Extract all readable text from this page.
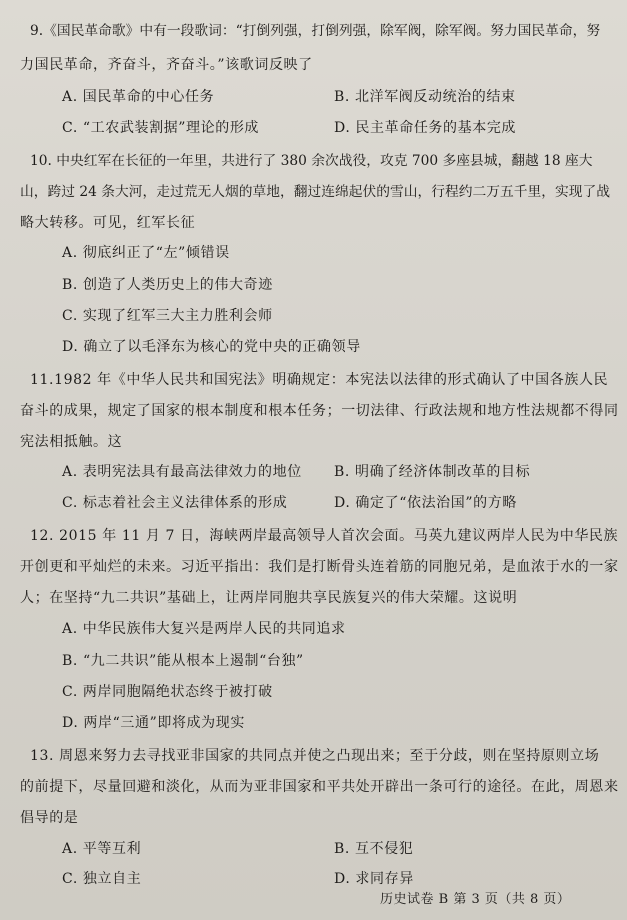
9.《国民革命歌》中有一段歌词：“打倒列强，打倒列强，除军阀，除军阀。努力国民革命，努
力国民革命，齐奋斗，齐奋斗。”该歌词反映了
A. 国民革命的中心任务	B. 北洋军阀反动统治的结束
C. “工农武装割据”理论的形成	D. 民主革命任务的基本完成
10. 中央红军在长征的一年里，共进行了 380 余次战役，攻克 700 多座县城，翻越 18 座大
山，跨过 24 条大河，走过荒无人烟的草地，翻过连绵起伏的雪山，行程约二万五千里，实现了战
略大转移。可见，红军长征
A. 彻底纠正了“左”倾错误
B. 创造了人类历史上的伟大奇迹
C. 实现了红军三大主力胜利会师
D. 确立了以毛泽东为核心的党中央的正确领导
11.1982 年《中华人民共和国宪法》明确规定：本宪法以法律的形式确认了中国各族人民
奋斗的成果，规定了国家的根本制度和根本任务；一切法律、行政法规和地方性法规都不得同
宪法相抵触。这
A. 表明宪法具有最高法律效力的地位 B. 明确了经济体制改革的目标
C. 标志着社会主义法律体系的形成	D. 确定了“依法治国”的方略
12. 2015 年 11 月 7 日，海峡两岸最高领导人首次会面。马英九建议两岸人民为中华民族
开创更和平灿烂的未来。习近平指出：我们是打断骨头连着筋的同胞兄弟，是血浓于水的一家
人；在坚持“九二共识”基础上，让两岸同胞共享民族复兴的伟大荣耀。这说明
A. 中华民族伟大复兴是两岸人民的共同追求
B. “九二共识”能从根本上遏制“台独”
C. 两岸同胞隔绝状态终于被打破
D. 两岸“三通”即将成为现实
13. 周恩来努力去寻找亚非国家的共同点并使之凸现出来；至于分歧，则在坚持原则立场
的前提下，尽量回避和淡化，从而为亚非国家和平共处开辟出一条可行的途径。在此，周恩来
倡导的是
A. 平等互利	B. 互不侵犯
C. 独立自主	D. 求同存异
历史试卷 B 第 3 页（共 8 页）
